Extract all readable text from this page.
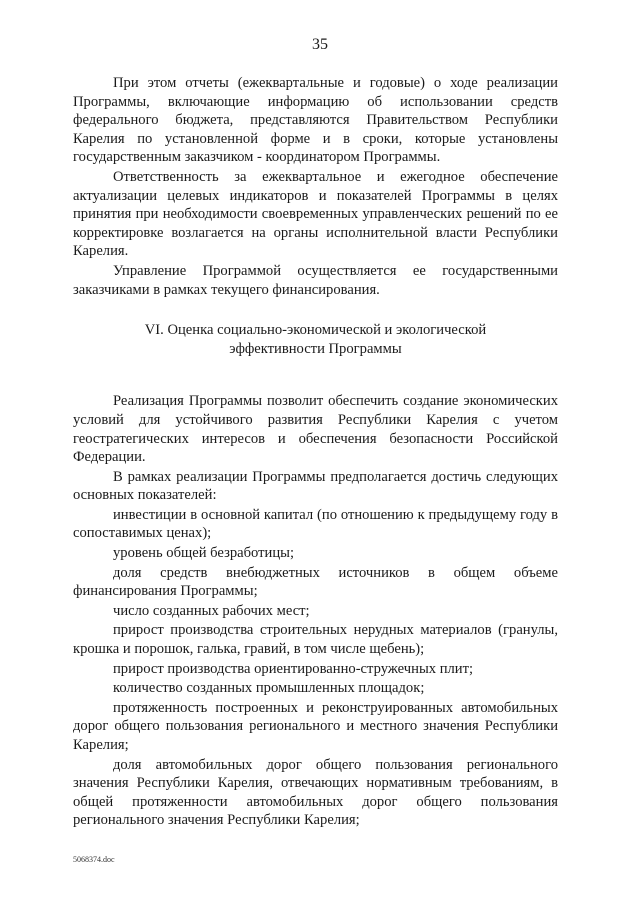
35

При этом отчеты (ежеквартальные и годовые) о ходе реализации Программы, включающие информацию об использовании средств федерального бюджета, представляются Правительством Республики Карелия по установленной форме и в сроки, которые установлены государственным заказчиком - координатором Программы.

Ответственность за ежеквартальное и ежегодное обеспечение актуализации целевых индикаторов и показателей Программы в целях принятия при необходимости своевременных управленческих решений по ее корректировке возлагается на органы исполнительной власти Республики Карелия.

Управление Программой осуществляется ее государственными заказчиками в рамках текущего финансирования.

VI. Оценка социально-экономической и экологической
эффективности Программы

Реализация Программы позволит обеспечить создание экономических условий для устойчивого развития Республики Карелия с учетом геостратегических интересов и обеспечения безопасности Российской Федерации.

В рамках реализации Программы предполагается достичь следующих основных показателей:

инвестиции в основной капитал (по отношению к предыдущему году в сопоставимых ценах);

уровень общей безработицы;

доля средств внебюджетных источников в общем объеме финансирования Программы;

число созданных рабочих мест;

прирост производства строительных нерудных материалов (гранулы, крошка и порошок, галька, гравий, в том числе щебень);

прирост производства ориентированно-стружечных плит;

количество созданных промышленных площадок;

протяженность построенных и реконструированных автомобильных дорог общего пользования регионального и местного значения Республики Карелия;

доля автомобильных дорог общего пользования регионального значения Республики Карелия, отвечающих нормативным требованиям, в общей протяженности автомобильных дорог общего пользования регионального значения Республики Карелия;

5068374.doc
